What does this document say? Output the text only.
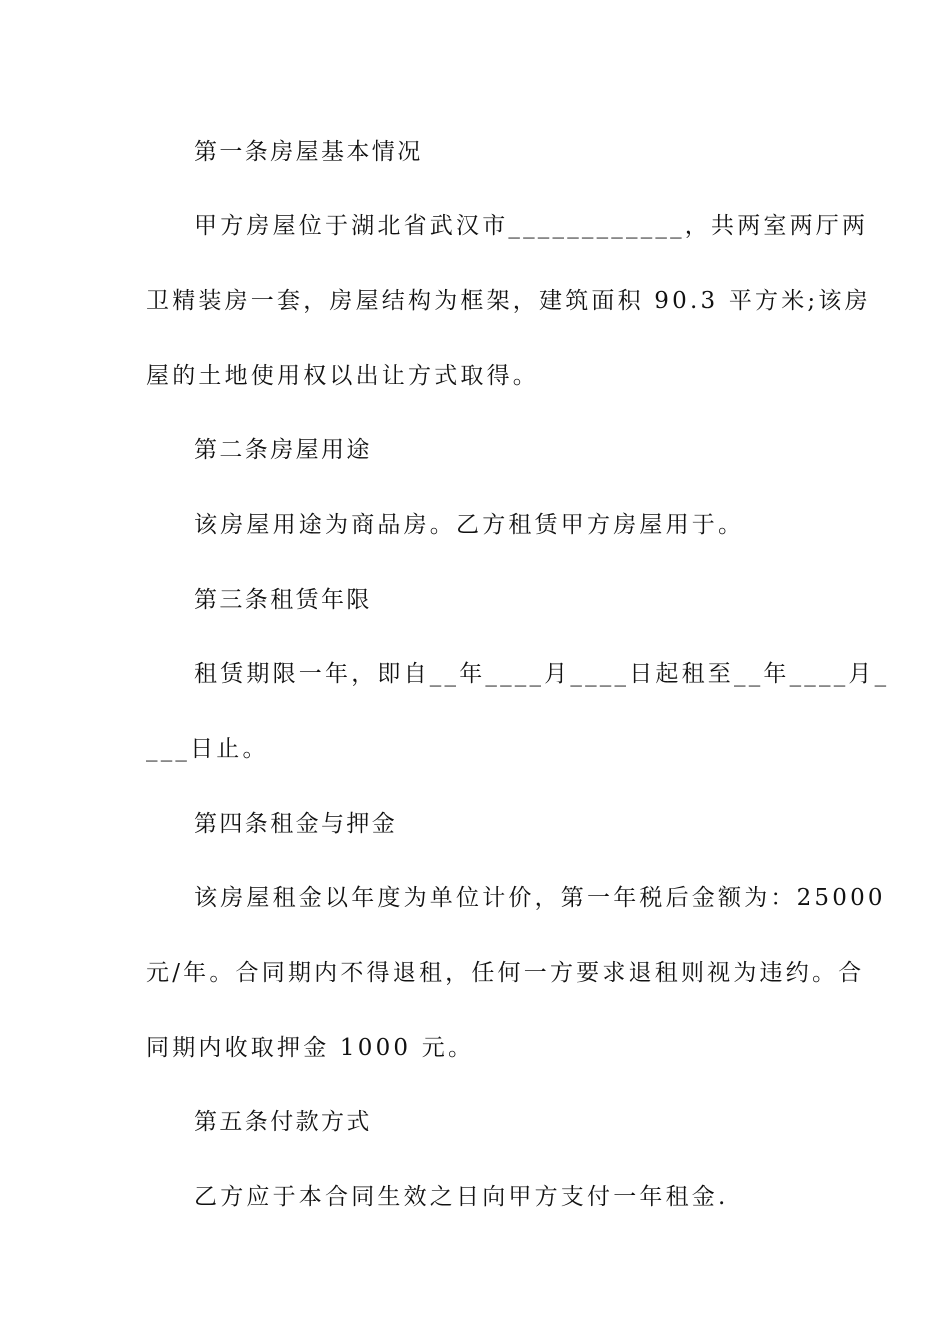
第一条房屋基本情况
甲方房屋位于湖北省武汉市____________，共两室两厅两
卫精装房一套，房屋结构为框架，建筑面积 90.3 平方米;该房
屋的土地使用权以出让方式取得。
第二条房屋用途
该房屋用途为商品房。乙方租赁甲方房屋用于。
第三条租赁年限
租赁期限一年，即自__年____月____日起租至__年____月_
___日止。
第四条租金与押金
该房屋租金以年度为单位计价，第一年税后金额为：25000
元/年。合同期内不得退租，任何一方要求退租则视为违约。合
同期内收取押金 1000 元。
第五条付款方式
乙方应于本合同生效之日向甲方支付一年租金.
